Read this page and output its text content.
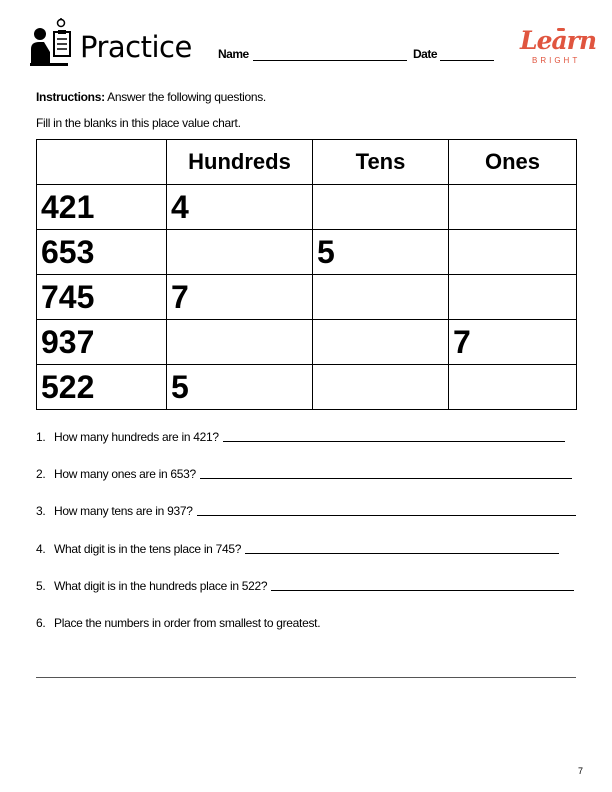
Practice Name	Date	Learn
BRIGHT
Instructions: Answer the following questions.
Fill in the blanks in this place value chart.
	Hundreds	Tens	Ones
421	4		
653		5	
745	7		
937			7
522	5		
1. How many hundreds are in 421?
2. How many ones are in 653?
3. How many tens are in 937?
4. What digit is in the tens place in 745?
5. What digit is in the hundreds place in 522?
6. Place the numbers in order from smallest to greatest.
7
